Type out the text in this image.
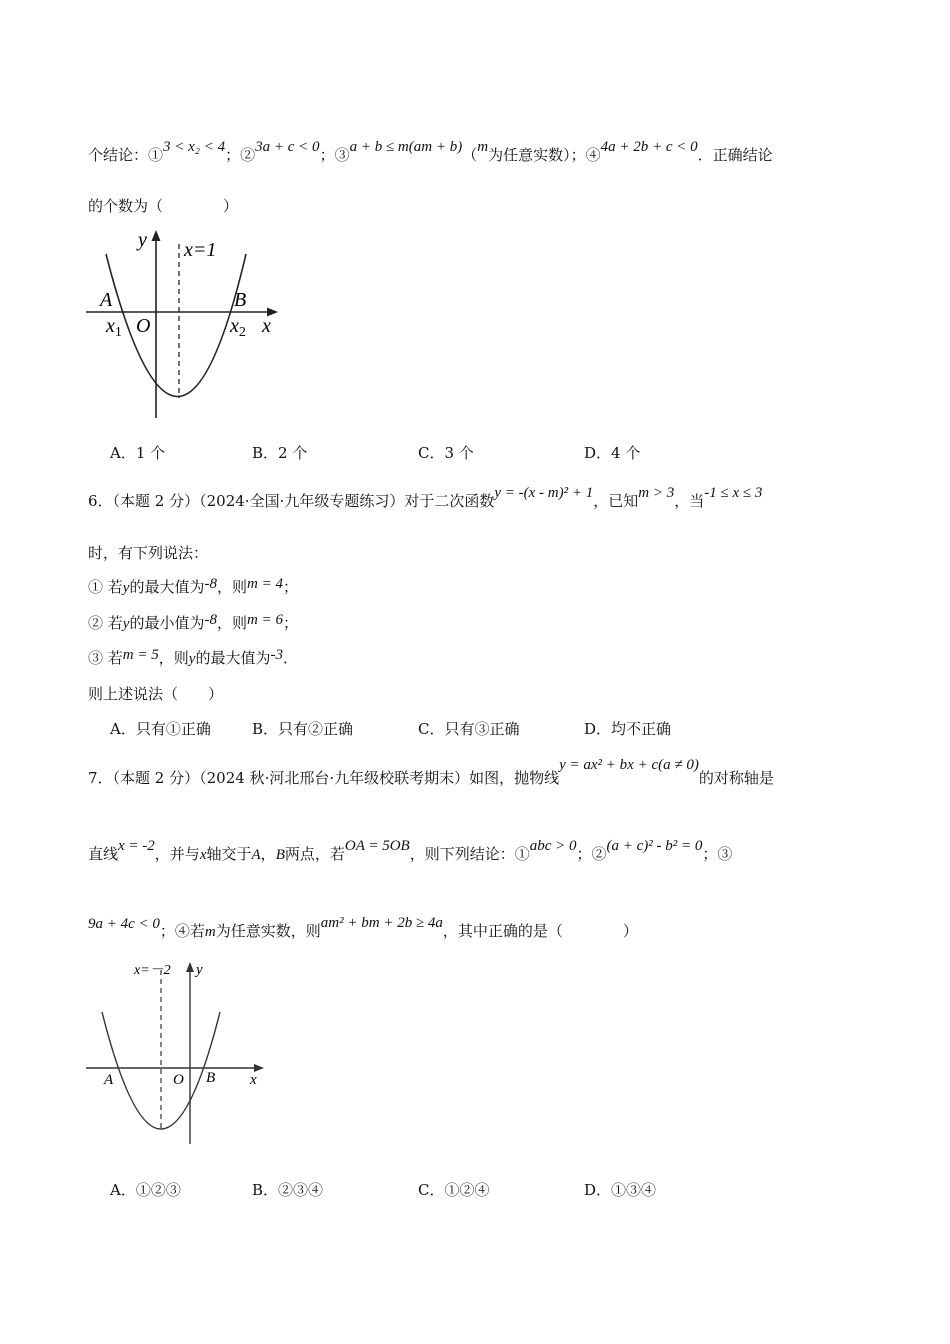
个结论：①3 < x₂ < 4；②3a + c < 0；③a + b ≤ m(am + b)（m为任意实数）；④4a + 2b + c < 0．正确结论
的个数为（　　　　）
y x=1
A	B
$x_1$ O	$x_2$ x
A．1 个	B．2 个	C．3 个	D．4 个
6．（本题 2 分）（2024·全国·九年级专题练习）对于二次函数y = -(x - m)² + 1，已知m > 3，当-1 ≤ x ≤ 3
时，有下列说法：
① 若y的最大值为-8，则m = 4；
② 若y的最小值为-8，则m = 6；
③ 若m = 5，则y的最大值为-3．
则上述说法（　　）
A．只有①正确	B．只有②正确	C．只有③正确	D．均不正确
7．（本题 2 分）（2024 秋·河北邢台·九年级校联考期末）如图，抛物线y = ax² + bx + c(a ≠ 0)的对称轴是
直线x = -2，并与x轴交于A，B两点，若OA = 5OB，则下列结论：①abc > 0；②(a + c)² - b² = 0；③
9a + 4c < 0；④若m为任意实数，则am² + bm + 2b ≥ 4a，其中正确的是（　　　　）
x=－2 y
A	O B x
A．①②③	B．②③④	C．①②④	D．①③④
